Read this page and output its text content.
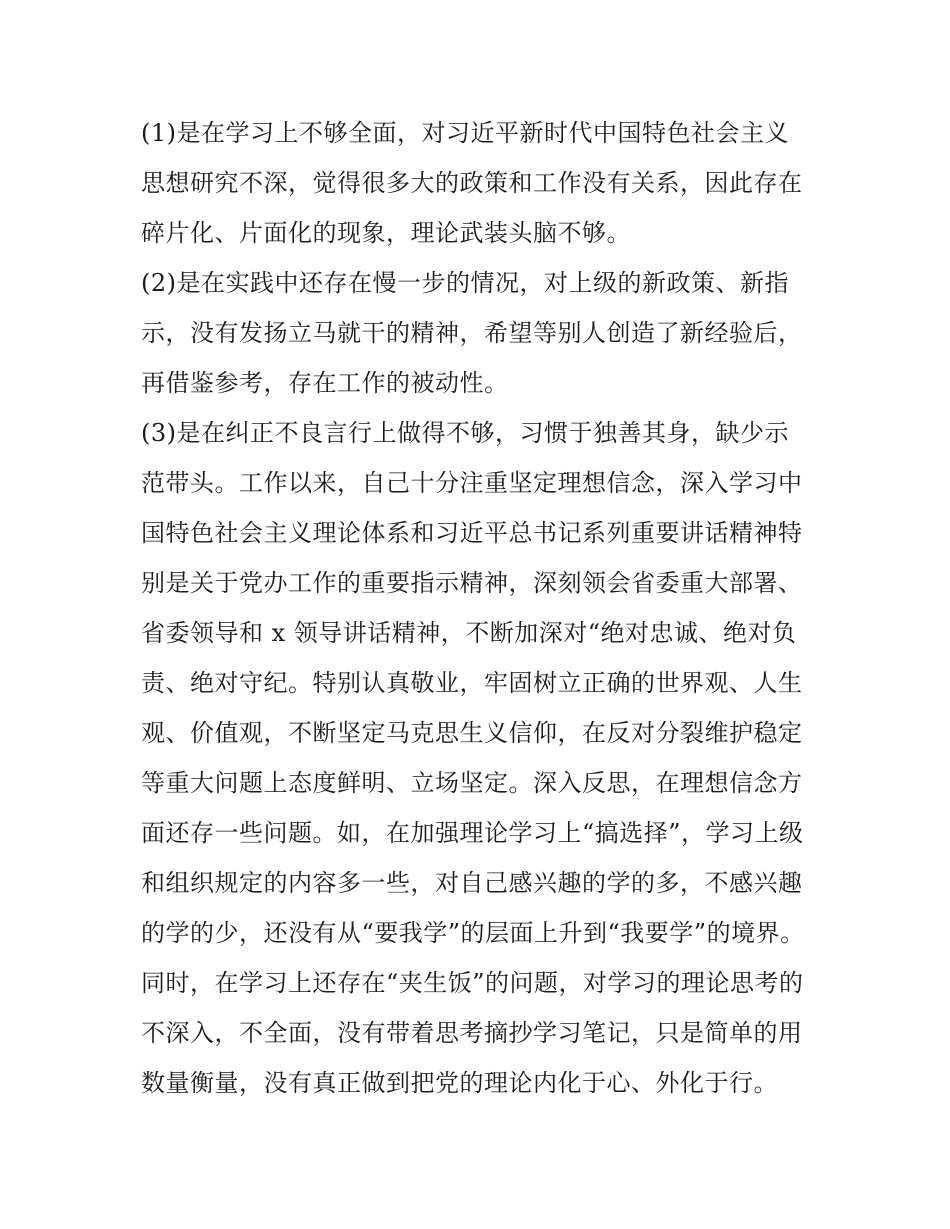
(1)是在学习上不够全面，对习近平新时代中国特色社会主义
思想研究不深，觉得很多大的政策和工作没有关系，因此存在
碎片化、片面化的现象，理论武装头脑不够。
(2)是在实践中还存在慢一步的情况，对上级的新政策、新指
示，没有发扬立马就干的精神，希望等别人创造了新经验后，
再借鉴参考，存在工作的被动性。
(3)是在纠正不良言行上做得不够，习惯于独善其身，缺少示
范带头。工作以来，自己十分注重坚定理想信念，深入学习中
国特色社会主义理论体系和习近平总书记系列重要讲话精神特
别是关于党办工作的重要指示精神，深刻领会省委重大部署、
省委领导和 x 领导讲话精神，不断加深对“绝对忠诚、绝对负
责、绝对守纪。特别认真敬业，牢固树立正确的世界观、人生
观、价值观，不断坚定马克思生义信仰，在反对分裂维护稳定
等重大问题上态度鲜明、立场坚定。深入反思，在理想信念方
面还存一些问题。如，在加强理论学习上“搞选择”，学习上级
和组织规定的内容多一些，对自己感兴趣的学的多，不感兴趣
的学的少，还没有从“要我学”的层面上升到“我要学”的境界。
同时，在学习上还存在“夹生饭”的问题，对学习的理论思考的
不深入，不全面，没有带着思考摘抄学习笔记，只是简单的用
数量衡量，没有真正做到把党的理论内化于心、外化于行。
